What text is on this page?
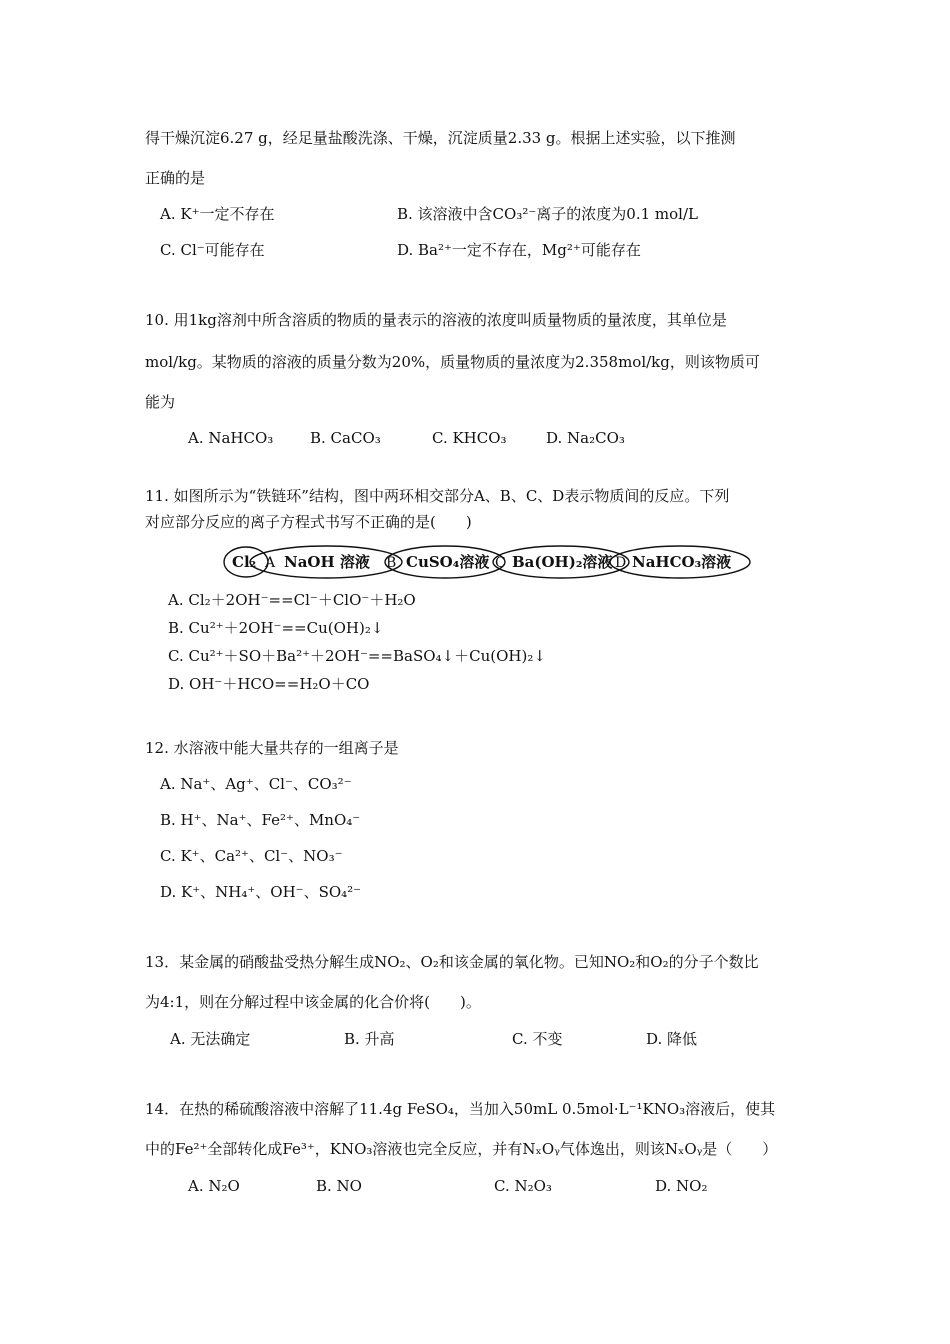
得干燥沉淀6.27 g，经足量盐酸洗涤、干燥，沉淀质量2.33 g。根据上述实验，以下推测
正确的是
A. K⁺一定不存在	B. 该溶液中含CO₃²⁻离子的浓度为0.1 mol/L
C. Cl⁻可能存在	D. Ba²⁺一定不存在，Mg²⁺可能存在
10. 用1kg溶剂中所含溶质的物质的量表示的溶液的浓度叫质量物质的量浓度，其单位是
mol/kg。某物质的溶液的质量分数为20%，质量物质的量浓度为2.358mol/kg，则该物质可
能为
A. NaHCO₃ B. CaCO₃	C. KHCO₃	D. Na₂CO₃
11. 如图所示为“铁链环”结构，图中两环相交部分A、B、C、D表示物质间的反应。下列
对应部分反应的离子方程式书写不正确的是(　　)
Cl₂ NaOH 溶液 CuSO₄溶液 Ba(OH)₂溶液 NaHCO₃溶液
A	B	C	D
A. Cl₂＋2OH⁻==Cl⁻＋ClO⁻＋H₂O
B. Cu²⁺＋2OH⁻==Cu(OH)₂↓
C. Cu²⁺＋SO＋Ba²⁺＋2OH⁻==BaSO₄↓＋Cu(OH)₂↓
D. OH⁻＋HCO==H₂O＋CO
12. 水溶液中能大量共存的一组离子是
A. Na⁺、Ag⁺、Cl⁻、CO₃²⁻
B. H⁺、Na⁺、Fe²⁺、MnO₄⁻
C. K⁺、Ca²⁺、Cl⁻、NO₃⁻
D. K⁺、NH₄⁺、OH⁻、SO₄²⁻
13．某金属的硝酸盐受热分解生成NO₂、O₂和该金属的氧化物。已知NO₂和O₂的分子个数比
为4:1，则在分解过程中该金属的化合价将(　　)。
A. 无法确定	B. 升高	C. 不变	D. 降低
14．在热的稀硫酸溶液中溶解了11.4g FeSO₄，当加入50mL 0.5mol·L⁻¹KNO₃溶液后，使其
中的Fe²⁺全部转化成Fe³⁺，KNO₃溶液也完全反应，并有NₓOᵧ气体逸出，则该NₓOᵧ是（　　）
A. N₂O	B. NO	C. N₂O₃	D. NO₂
